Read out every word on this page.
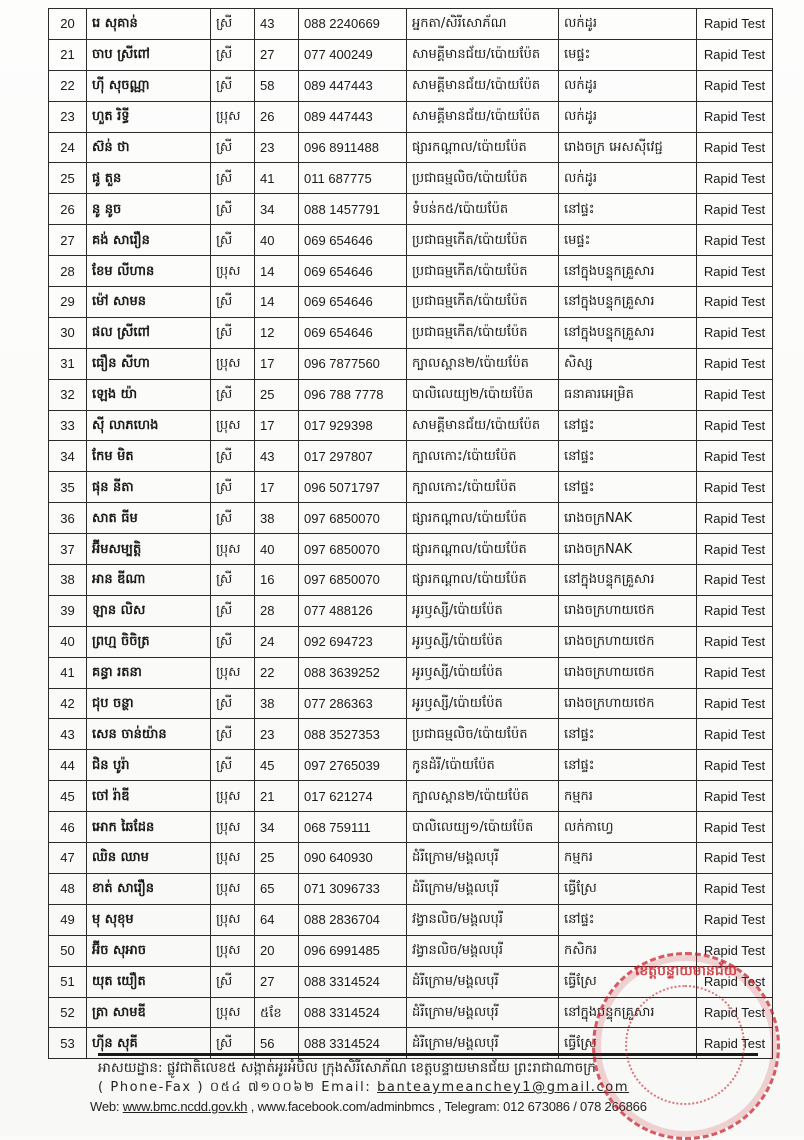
20	រេ សុគាន់	ស្រី	43	088 2240669	អ្នកតា/សិរីសោភ័ណ	លក់ដូរ	Rapid Test
21	ចាប ស្រីពៅ	ស្រី	27	077 400249	សាមគ្គីមានជ័យ/ប៉ោយប៉ែត	មេផ្ទះ	Rapid Test
22	ហ៊ី សុចណ្ណា	ស្រី	58	089 447443	សាមគ្គីមានជ័យ/ប៉ោយប៉ែត	លក់ដូរ	Rapid Test
23	ហួត រិទ្ធី	ប្រុស	26	089 447443	សាមគ្គីមានជ័យ/ប៉ោយប៉ែត	លក់ដូរ	Rapid Test
24	ស៊ន់ ថា	ស្រី	23	096 8911488	ផ្សារកណ្តាល/ប៉ោយប៉ែត	រោងចក្រ អេសស៊ីវេជ្ជ	Rapid Test
25	ផូ តួន	ស្រី	41	011 687775	ប្រជាធម្មលិច/ប៉ោយប៉ែត	លក់ដូរ	Rapid Test
26	នូ នូច	ស្រី	34	088 1457791	ទំបន់ក៥/ប៉ោយប៉ែត	នៅផ្ទះ	Rapid Test
27	គង់ សារឿន	ស្រី	40	069 654646	ប្រជាធម្មកើត/ប៉ោយប៉ែត	មេផ្ទះ	Rapid Test
28	ខែម លីហាន	ប្រុស	14	069 654646	ប្រជាធម្មកើត/ប៉ោយប៉ែត	នៅក្នុងបន្ទុកគ្រួសារ	Rapid Test
29	ម៉ៅ សាមន	ស្រី	14	069 654646	ប្រជាធម្មកើត/ប៉ោយប៉ែត	នៅក្នុងបន្ទុកគ្រួសារ	Rapid Test
30	ផល ស្រីពៅ	ស្រី	12	069 654646	ប្រជាធម្មកើត/ប៉ោយប៉ែត	នៅក្នុងបន្ទុកគ្រួសារ	Rapid Test
31	ធឿន សីហា	ប្រុស	17	096 7877560	ក្បាលស្ពាន២/ប៉ោយប៉ែត	សិស្ស	Rapid Test
32	ឡេង យ៉ា	ស្រី	25	096 788 7778	បាលិលេយ្យ២/ប៉ោយប៉ែត	ធនាគារអេម្រិត	Rapid Test
33	ស៊ី លាភហេង	ប្រុស	17	017 929398	សាមគ្គីមានជ័យ/ប៉ោយប៉ែត	នៅផ្ទះ	Rapid Test
34	កែម មិត	ស្រី	43	017 297807	ក្បាលកោះ/ប៉ោយប៉ែត	នៅផ្ទះ	Rapid Test
35	ផុន នីតា	ស្រី	17	096 5071797	ក្បាលកោះ/ប៉ោយប៉ែត	នៅផ្ទះ	Rapid Test
36	សាត ធីម	ស្រី	38	097 6850070	ផ្សារកណ្តាល/ប៉ោយប៉ែត	រោងចក្រNAK	Rapid Test
37	អ៊ីមសម្បត្តិ	ប្រុស	40	097 6850070	ផ្សារកណ្តាល/ប៉ោយប៉ែត	រោងចក្រNAK	Rapid Test
38	អាន ឌីណា	ស្រី	16	097 6850070	ផ្សារកណ្តាល/ប៉ោយប៉ែត	នៅក្នុងបន្ទុកគ្រួសារ	Rapid Test
39	ឡាន លិស	ស្រី	28	077 488126	អូរឫស្សី/ប៉ោយប៉ែត	រោងចក្រហាយថេក	Rapid Test
40	ព្រហ្ម ចិចិត្រ	ស្រី	24	092 694723	អូរឫស្សី/ប៉ោយប៉ែត	រោងចក្រហាយថេក	Rapid Test
41	គន្ធា រតនា	ប្រុស	22	088 3639252	អូរឫស្សី/ប៉ោយប៉ែត	រោងចក្រហាយថេក	Rapid Test
42	ជុប ចន្ថា	ស្រី	38	077 286363	អូរឫស្សី/ប៉ោយប៉ែត	រោងចក្រហាយថេក	Rapid Test
43	សេន ចាន់យ៉ាន	ស្រី	23	088 3527353	ប្រជាធម្មលិច/ប៉ោយប៉ែត	នៅផ្ទះ	Rapid Test
44	ជិន បូរ៉ា	ស្រី	45	097 2765039	កូនដំរី/ប៉ោយប៉ែត	នៅផ្ទះ	Rapid Test
45	ចៅ រ៉ាឌី	ប្រុស	21	017 621274	ក្បាលស្ពាន២/ប៉ោយប៉ែត	កម្មករ	Rapid Test
46	អោក ឆៃដែន	ប្រុស	34	068 759111	បាលិលេយ្យ១/ប៉ោយប៉ែត	លក់កាហ្វេ	Rapid Test
47	ឈិន ឈាម	ប្រុស	25	090 640930	ដំរីក្រោម/មង្គលបុរី	កម្មករ	Rapid Test
48	ខាត់ សារឿន	ប្រុស	65	071 3096733	ដំរីក្រោម/មង្គលបុរី	ធ្វើស្រែ	Rapid Test
49	មុ សុខុម	ប្រុស	64	088 2836704	វង្វានលិច/មង្គលបុរី	នៅផ្ទះ	Rapid Test
50	អ៊ីច សុអាច	ប្រុស	20	096 6991485	វង្វានលិច/មង្គលបុរី	កសិករ	Rapid Test
51	យុត យឿត	ស្រី	27	088 3314524	ដំរីក្រោម/មង្គលបុរី	ធ្វើស្រែ	Rapid Test
52	ត្រា សាមឌី	ប្រុស	៥ខែ	088 3314524	ដំរីក្រោម/មង្គលបុរី	នៅក្នុងបន្ទុកគ្រួសារ	Rapid Test
53	ហ៊ីន សុគី	ស្រី	56	088 3314524	ដំរីក្រោម/មង្គលបុរី	ធ្វើស្រែ	Rapid Test
អាសយដ្ឋាន: ផ្លូវជាតិលេខ៥ សង្កាត់អូរអំបិល ក្រុងសិរីសោភ័ណ ខេត្តបន្ទាយមានជ័យ ព្រះរាជាណាចក្រ
( Phone-Fax ) ០៥៤ ៧១០០៦២ Email: banteaymeanchey1@gmail.com
Web: www.bmc.ncdd.gov.kh , www.facebook.com/adminbmcs , Telegram: 012 673086 / 078 266866
ខេត្តបន្ទាយមានជ័យ
